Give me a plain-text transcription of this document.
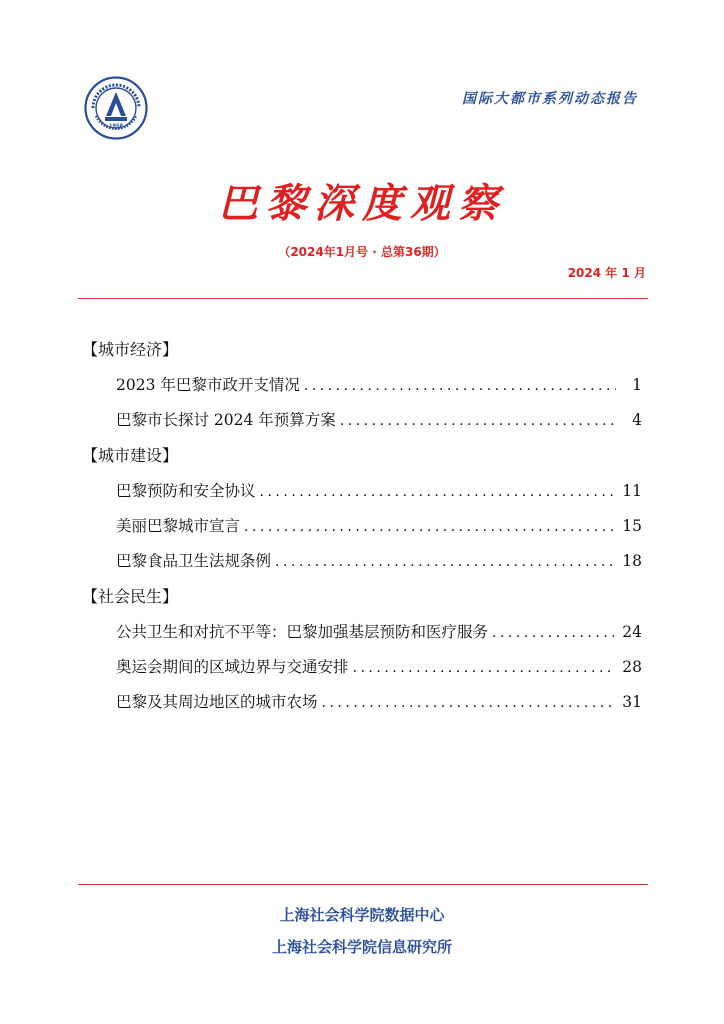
1958
国际大都市系列动态报告
巴黎深度观察
（2024年1月号 · 总第36期）
2024 年 1 月
【城市经济】
2023 年巴黎市政开支情况 .....	1
巴黎市长探讨 2024 年预算方案 .....	4
【城市建设】
巴黎预防和安全协议 .....	11
美丽巴黎城市宣言 .....	15
巴黎食品卫生法规条例 .....	18
【社会民生】
公共卫生和对抗不平等：巴黎加强基层预防和医疗服务 .....	24
奥运会期间的区域边界与交通安排 .....	28
巴黎及其周边地区的城市农场 .....	31
上海社会科学院数据中心
上海社会科学院信息研究所
